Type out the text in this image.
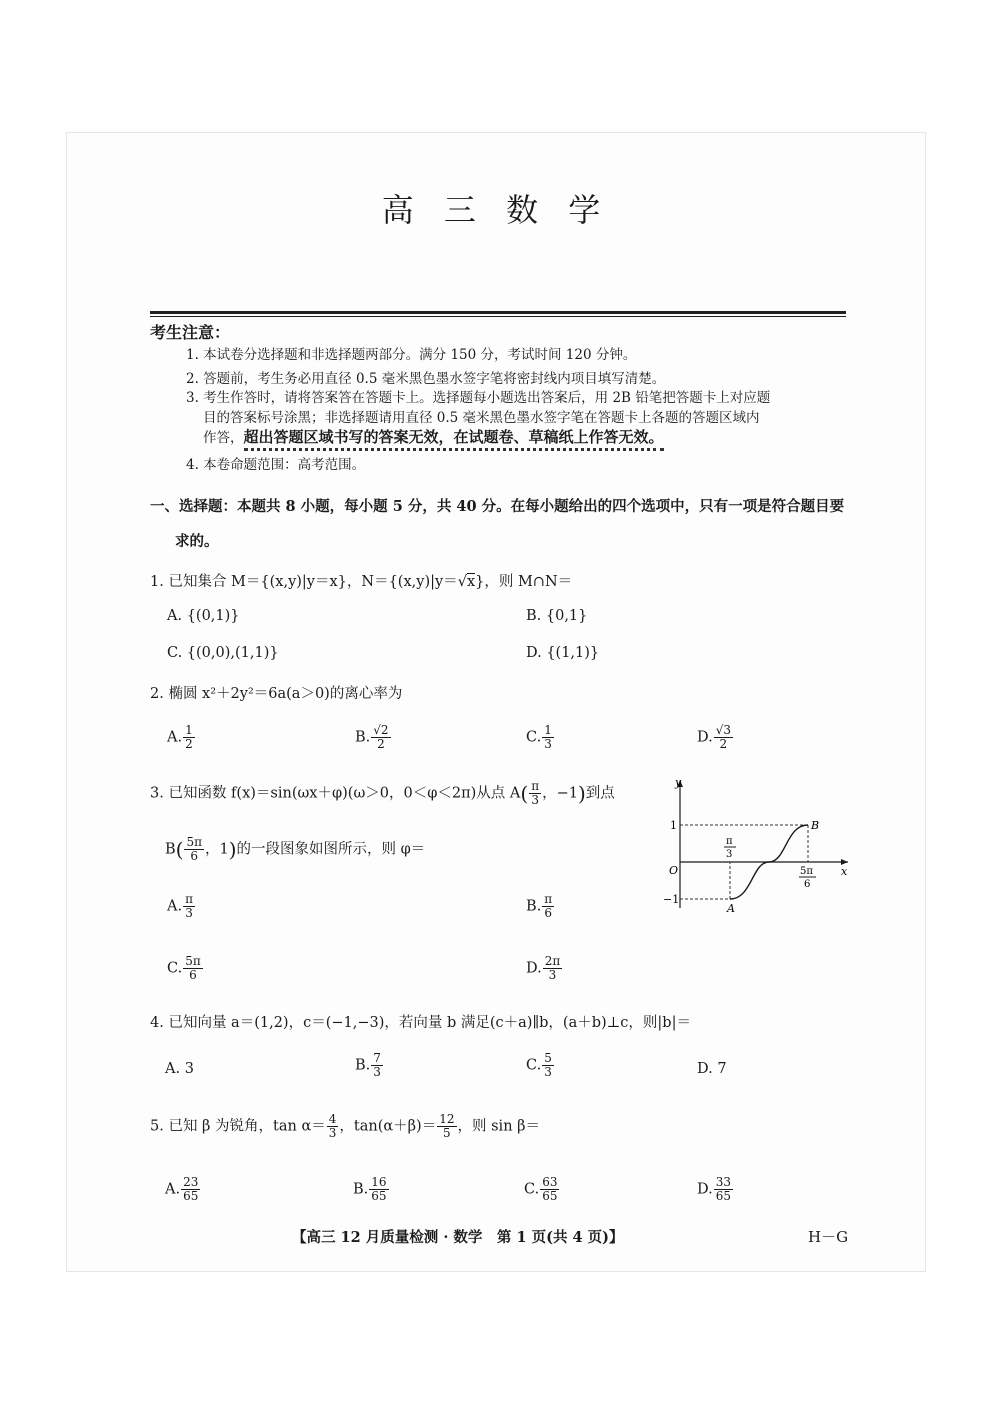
高 三 数 学
考生注意：
1. 本试卷分选择题和非选择题两部分。满分 150 分，考试时间 120 分钟。
2. 答题前，考生务必用直径 0.5 毫米黑色墨水签字笔将密封线内项目填写清楚。
3. 考生作答时，请将答案答在答题卡上。选择题每小题选出答案后，用 2B 铅笔把答题卡上对应题
目的答案标号涂黑；非选择题请用直径 0.5 毫米黑色墨水签字笔在答题卡上各题的答题区域内
作答，超出答题区域书写的答案无效，在试题卷、草稿纸上作答无效。
4. 本卷命题范围：高考范围。
一、选择题：本题共 8 小题，每小题 5 分，共 40 分。在每小题给出的四个选项中，只有一项是符合题目要
求的。
1. 已知集合 M＝{(x,y)|y＝x}，N＝{(x,y)|y＝√x}，则 M∩N＝
A. {(0,1)}	B. {0,1}
C. {(0,0),(1,1)}	D. {(1,1)}
2. 椭圆 x²＋2y²＝6a(a＞0)的离心率为
A. $\frac{1}{2}$	B. $\frac{√2}{2}$	C. $\frac{1}{3}$	D. $\frac{√3}{2}$
3. 已知函数 f(x)＝sin(ωx＋φ)(ω＞0，0＜φ＜2π)从点 $A( \frac{\pi}{3}$ ，−1)到点
$B( \frac{5\pi}{6}$ ，1)的一段图象如图所示，则 φ＝
y
x
O
1
−1
π
3
5π
6
A
B
A. $\frac{\pi}{3}$	B. $\frac{\pi}{6}$
C. $\frac{5\pi}{6}$	D. $\frac{2\pi}{3}$
4. 已知向量 a＝(1,2)，c＝(−1,−3)，若向量 b 满足(c＋a)∥b，(a＋b)⊥c，则|b|＝
A. 3	B. $\frac{7}{3}$	C. $\frac{5}{3}$	D. 7
5. 已知 β 为锐角，$\tan \alpha= \frac{4}{3}$ ，$\tan(\alpha+\beta)= \frac{12}{5}$ ，则 sin β＝
A. $\frac{23}{65}$	B. $\frac{16}{65}$	C. $\frac{63}{65}$	D. $\frac{33}{65}$
【高三 12 月质量检测 · 数学　第 1 页(共 4 页)】	H－G
